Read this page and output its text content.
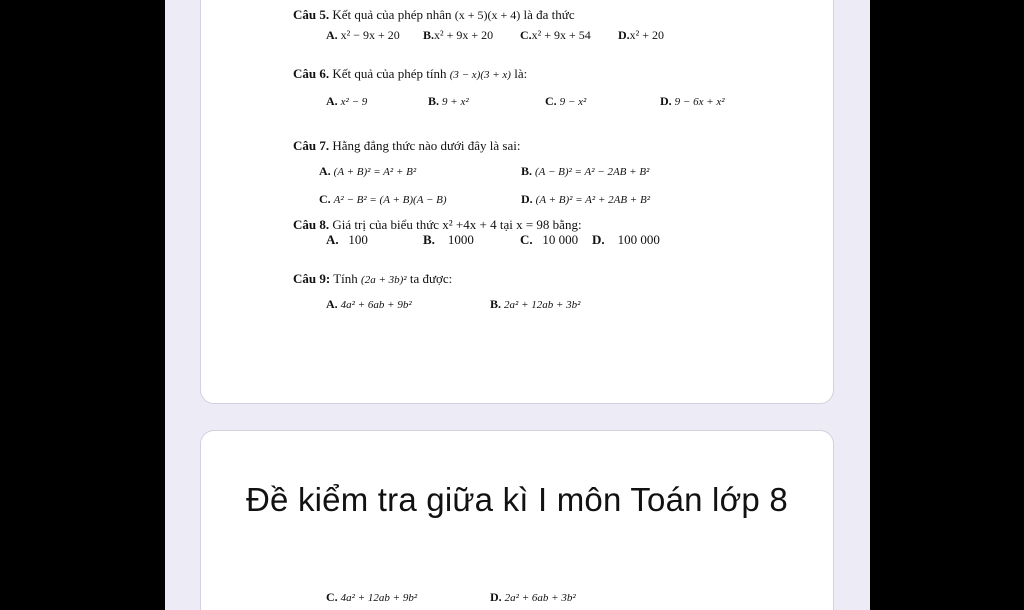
Câu 5. Kết quả của phép nhân (x + 5)(x + 4) là đa thức
A. x² − 9x + 20 B.x² + 9x + 20 C.x² + 9x + 54 D.x² + 20
Câu 6. Kết quả của phép tính (3 − x)(3 + x) là:
A. x² − 9	B. 9 + x²	C. 9 − x²	D. 9 − 6x + x²
Câu 7. Hằng đẳng thức nào dưới đây là sai:
A. (A + B)² = A² + B²	B. (A − B)² = A² − 2AB + B²
C. A² − B² = (A + B)(A − B)	D. (A + B)² = A² + 2AB + B²
Câu 8. Giá trị của biểu thức x² +4x + 4 tại x = 98 bằng:
A. 100	B. 1000	C. 10 000 D. 100 000
Câu 9: Tính (2a + 3b)² ta được:
A. 4a² + 6ab + 9b²	B. 2a² + 12ab + 3b²
Đề kiểm tra giữa kì I môn Toán lớp 8
C. 4a² + 12ab + 9b²	D. 2a² + 6ab + 3b²
